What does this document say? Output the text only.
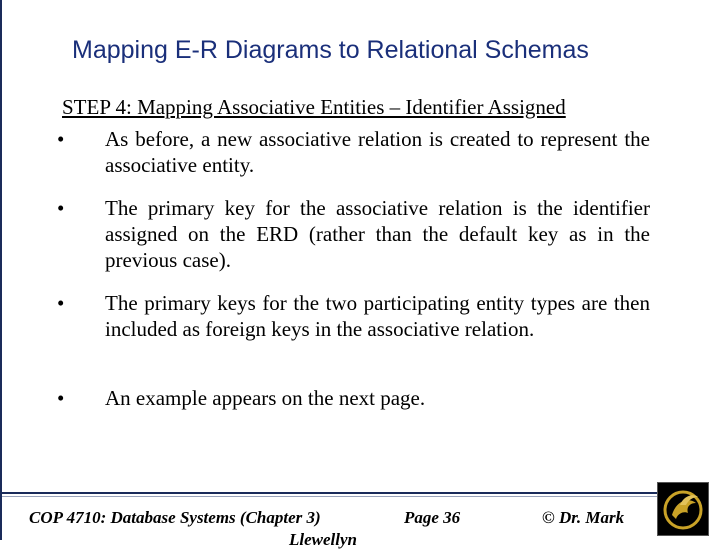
Mapping E-R Diagrams to Relational Schemas
STEP 4: Mapping Associative Entities – Identifier Assigned
•	As before, a new associative relation is created to represent the associative entity.
•	The primary key for the associative relation is the identifier assigned on the ERD (rather than the default key as in the previous case).
•	The primary keys for the two participating entity types are then included as foreign keys in the associative relation.
•	An example appears on the next page.
COP 4710: Database Systems (Chapter 3)	Page 36	© Dr. Mark
Llewellyn
